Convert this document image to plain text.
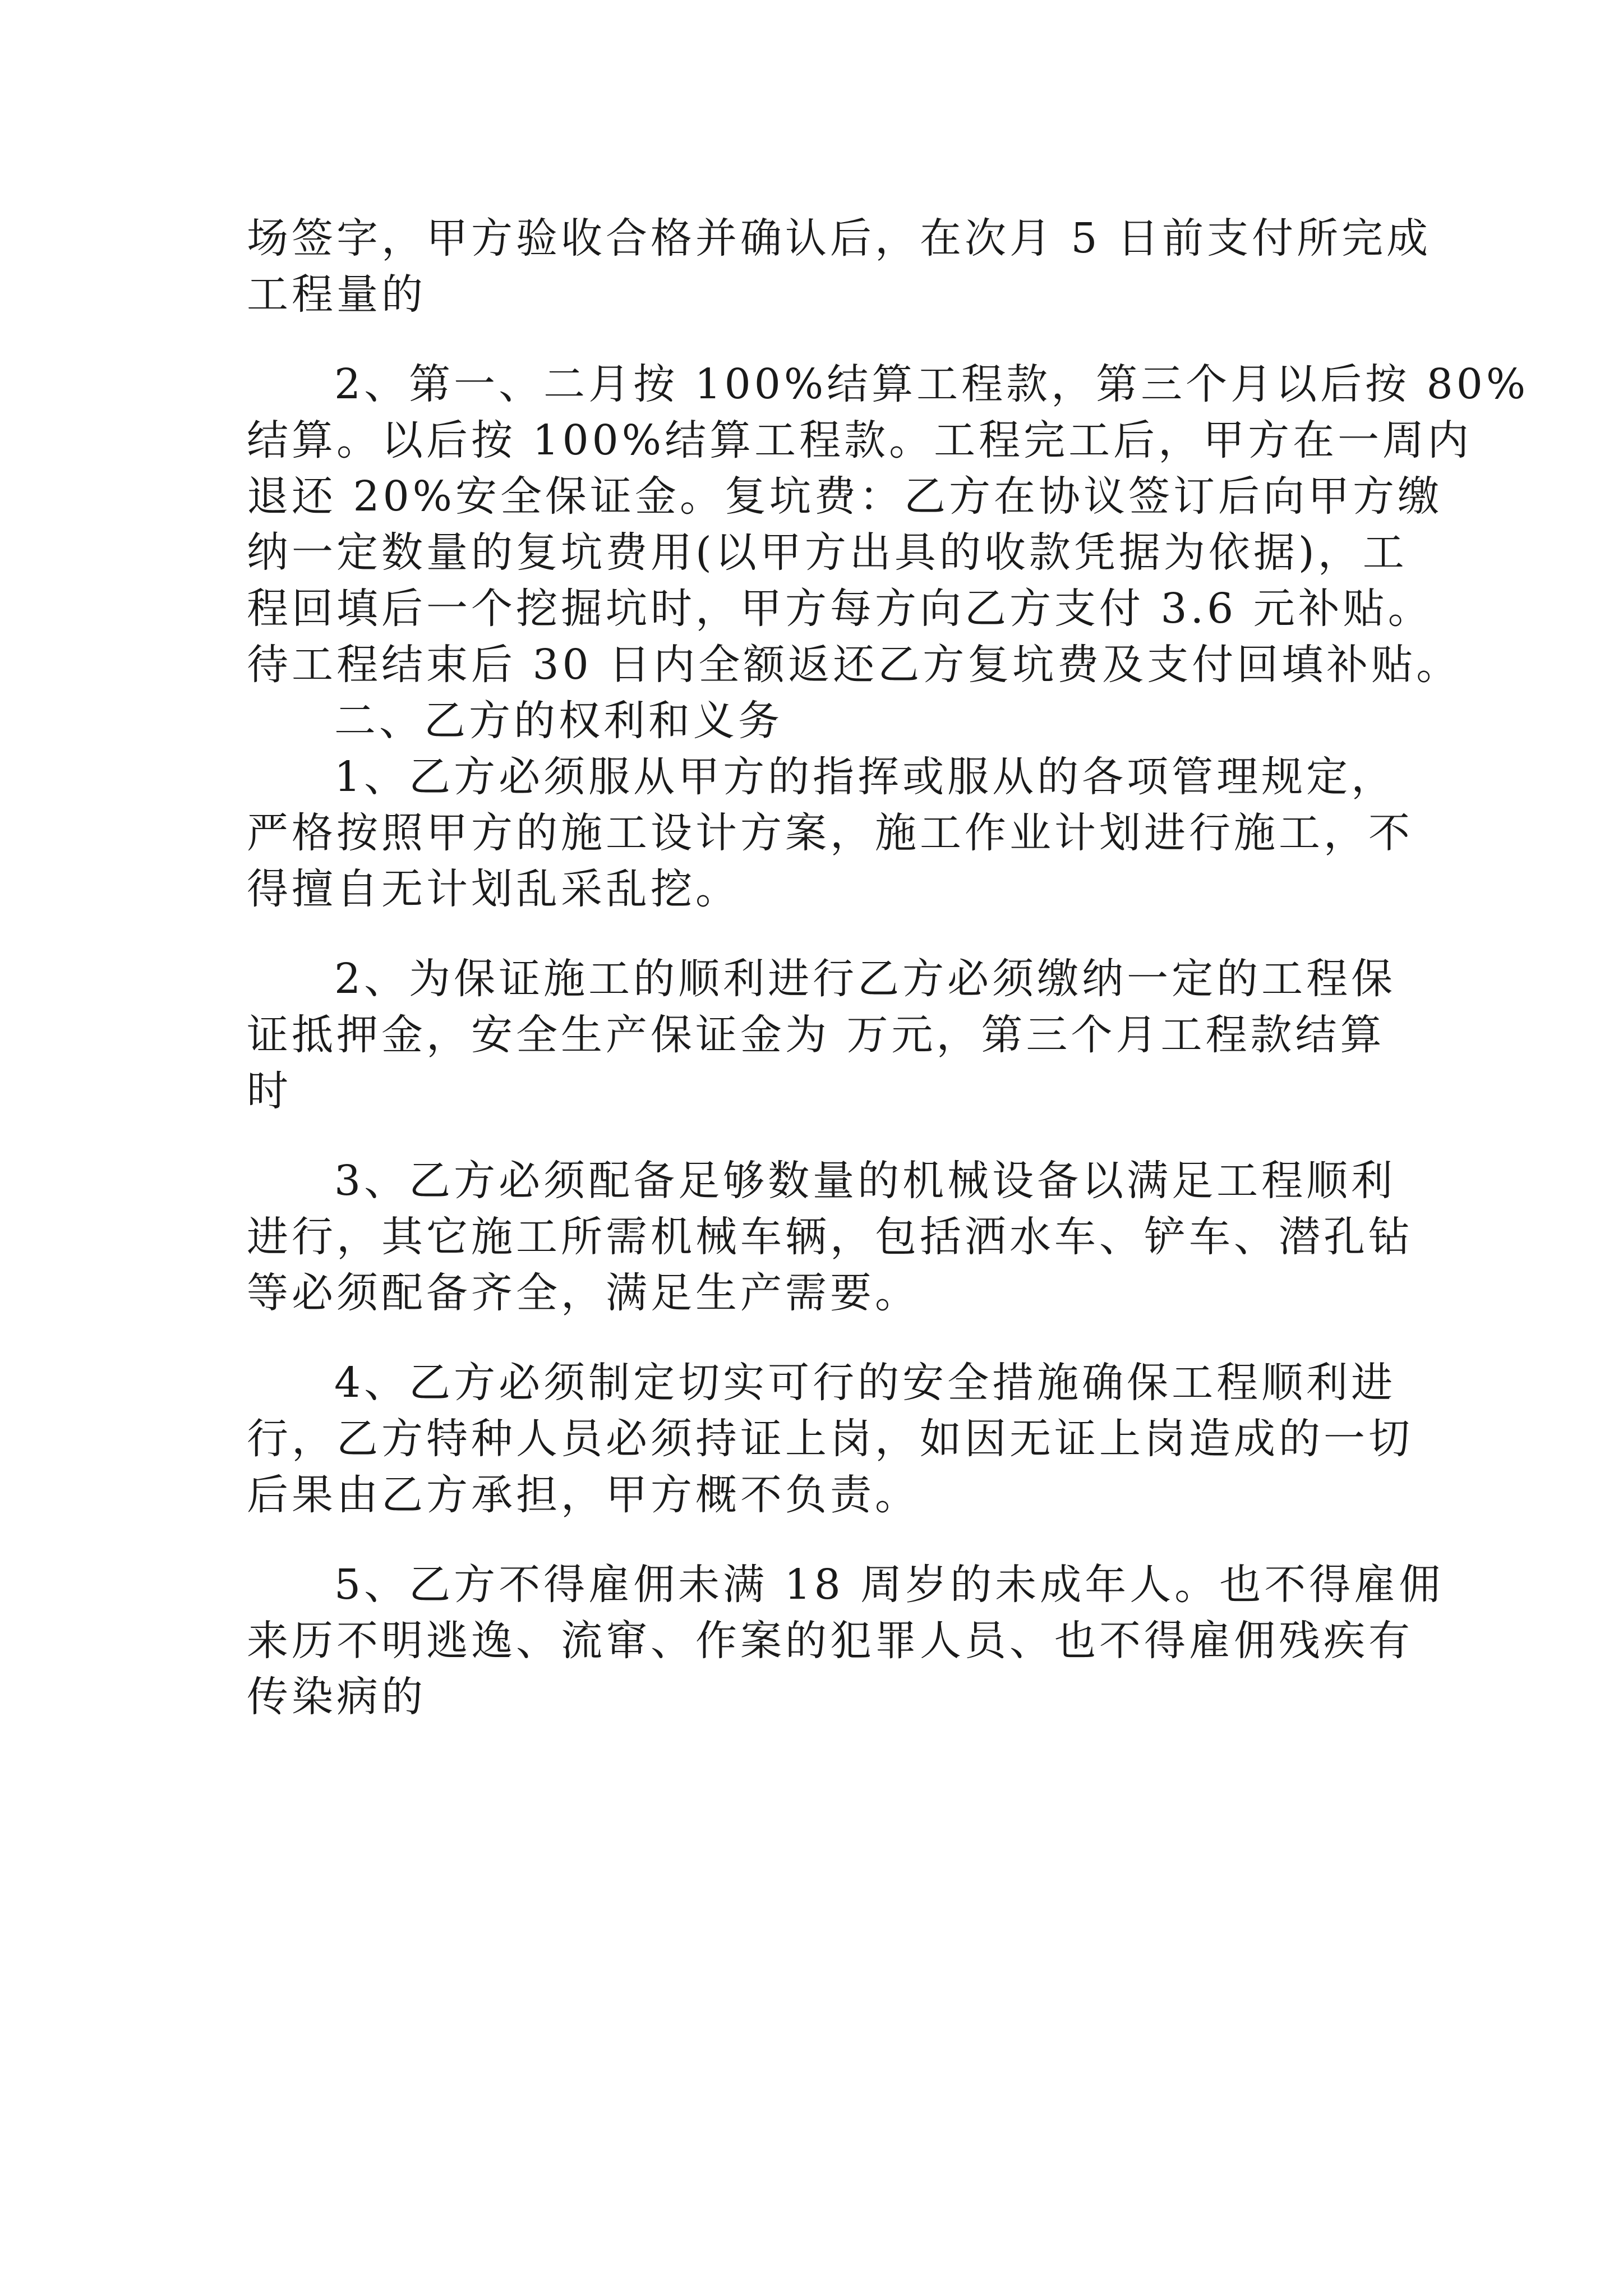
场签字，甲方验收合格并确认后，在次月 5 日前支付所完成
工程量的
2、第一、二月按 100%结算工程款，第三个月以后按 80%
结算。以后按 100%结算工程款。工程完工后，甲方在一周内
退还 20%安全保证金。复坑费：乙方在协议签订后向甲方缴
纳一定数量的复坑费用(以甲方出具的收款凭据为依据)，工
程回填后一个挖掘坑时，甲方每方向乙方支付 3.6 元补贴。
待工程结束后 30 日内全额返还乙方复坑费及支付回填补贴。
二、乙方的权利和义务
1、乙方必须服从甲方的指挥或服从的各项管理规定，
严格按照甲方的施工设计方案，施工作业计划进行施工，不
得擅自无计划乱采乱挖。
2、为保证施工的顺利进行乙方必须缴纳一定的工程保
证抵押金，安全生产保证金为 万元，第三个月工程款结算
时
3、乙方必须配备足够数量的机械设备以满足工程顺利
进行，其它施工所需机械车辆，包括洒水车、铲车、潜孔钻
等必须配备齐全，满足生产需要。
4、乙方必须制定切实可行的安全措施确保工程顺利进
行，乙方特种人员必须持证上岗，如因无证上岗造成的一切
后果由乙方承担，甲方概不负责。
5、乙方不得雇佣未满 18 周岁的未成年人。也不得雇佣
来历不明逃逸、流窜、作案的犯罪人员、也不得雇佣残疾有
传染病的
